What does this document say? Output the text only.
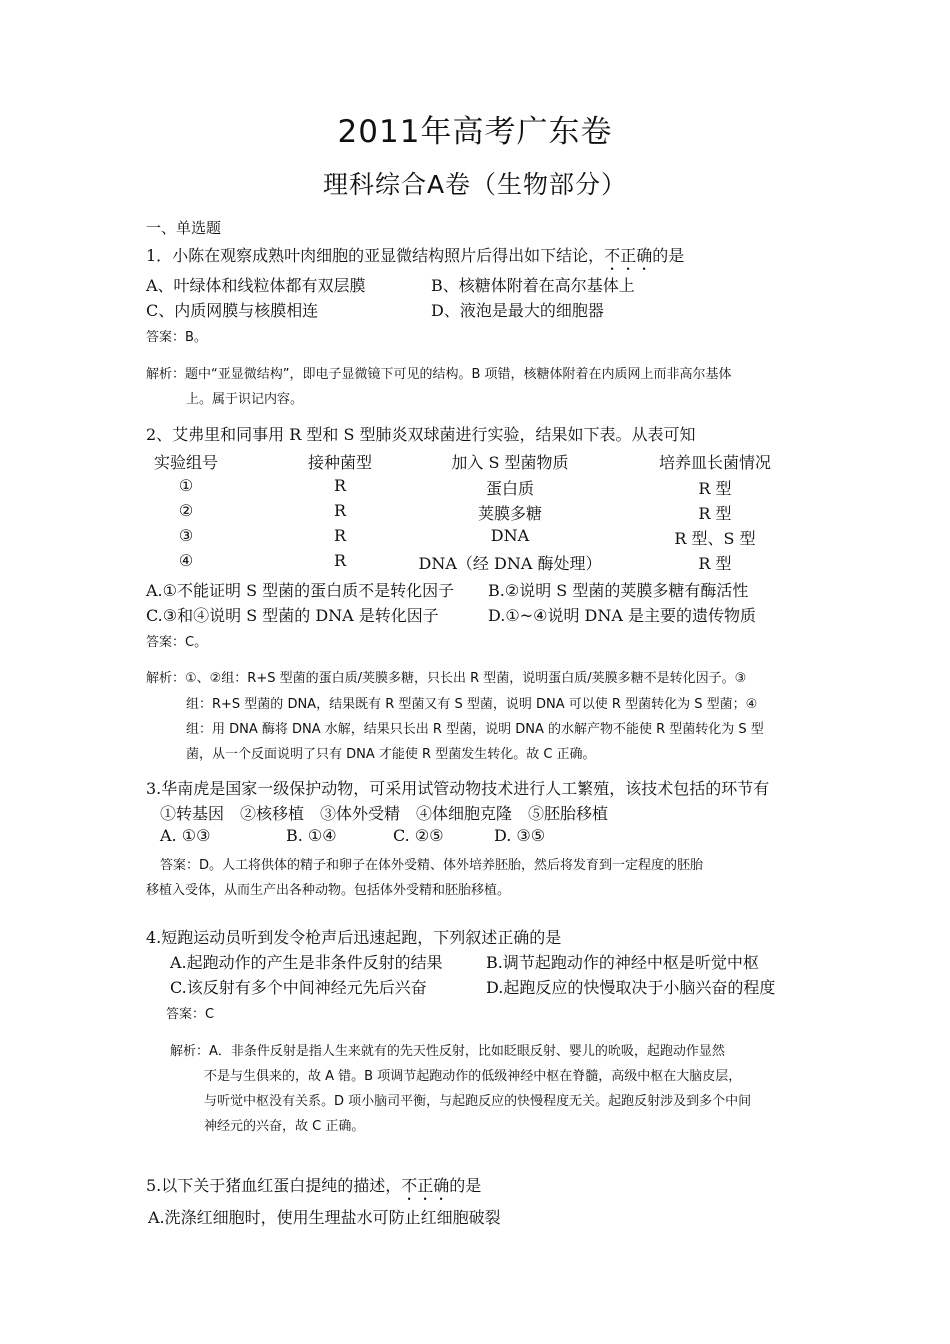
2011年高考广东卷
理科综合A卷（生物部分）
一、单选题
1．小陈在观察成熟叶肉细胞的亚显微结构照片后得出如下结论，不正确的是
A、叶绿体和线粒体都有双层膜	B、核糖体附着在高尔基体上
C、内质网膜与核膜相连	D、液泡是最大的细胞器
答案：B。
解析：题中“亚显微结构”，即电子显微镜下可见的结构。B 项错，核糖体附着在内质网上而非高尔基体
上。属于识记内容。
2、艾弗里和同事用 R 型和 S 型肺炎双球菌进行实验，结果如下表。从表可知
实验组号	接种菌型	加入 S 型菌物质	培养皿长菌情况
①	R	蛋白质	R 型
②	R	荚膜多糖	R 型
③	R	DNA	R 型、S 型
④	R	DNA（经 DNA 酶处理）	R 型
A.①不能证明 S 型菌的蛋白质不是转化因子 B.②说明 S 型菌的荚膜多糖有酶活性
C.③和④说明 S 型菌的 DNA 是转化因子	D.①~④说明 DNA 是主要的遗传物质
答案：C。
解析：①、②组：R+S 型菌的蛋白质/荚膜多糖，只长出 R 型菌，说明蛋白质/荚膜多糖不是转化因子。③
组：R+S 型菌的 DNA，结果既有 R 型菌又有 S 型菌，说明 DNA 可以使 R 型菌转化为 S 型菌；④
组：用 DNA 酶将 DNA 水解，结果只长出 R 型菌，说明 DNA 的水解产物不能使 R 型菌转化为 S 型
菌，从一个反面说明了只有 DNA 才能使 R 型菌发生转化。故 C 正确。
3.华南虎是国家一级保护动物，可采用试管动物技术进行人工繁殖，该技术包括的环节有
①转基因　②核移植　③体外受精　④体细胞克隆　⑤胚胎移植
A. ①③	B. ①④	C. ②⑤	D. ③⑤
答案：D。人工将供体的精子和卵子在体外受精、体外培养胚胎，然后将发育到一定程度的胚胎
移植入受体，从而生产出各种动物。包括体外受精和胚胎移植。
4.短跑运动员听到发令枪声后迅速起跑，下列叙述正确的是
A.起跑动作的产生是非条件反射的结果	B.调节起跑动作的神经中枢是听觉中枢
C.该反射有多个中间神经元先后兴奋	D.起跑反应的快慢取决于小脑兴奋的程度
答案：C
解析：A．非条件反射是指人生来就有的先天性反射，比如眨眼反射、婴儿的吮吸，起跑动作显然
不是与生俱来的，故 A 错。B 项调节起跑动作的低级神经中枢在脊髓，高级中枢在大脑皮层，
与听觉中枢没有关系。D 项小脑司平衡，与起跑反应的快慢程度无关。起跑反射涉及到多个中间
神经元的兴奋，故 C 正确。
5.以下关于猪血红蛋白提纯的描述，不正确的是
A.洗涤红细胞时，使用生理盐水可防止红细胞破裂
